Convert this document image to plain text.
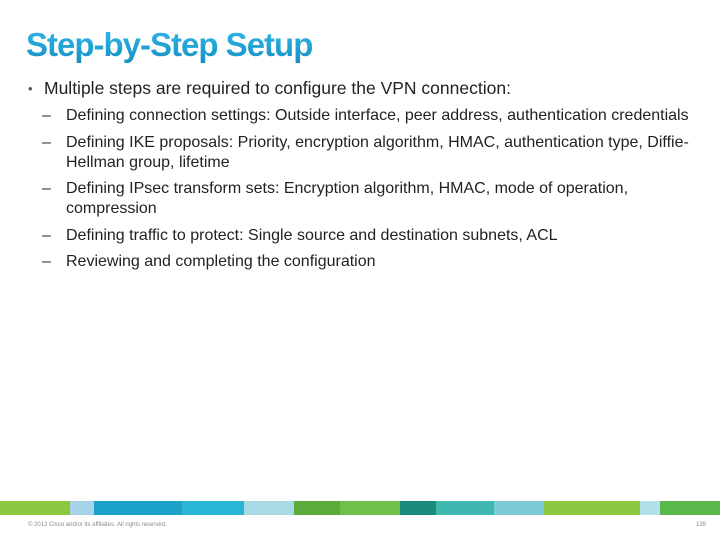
Step-by-Step Setup
• Multiple steps are required to configure the VPN connection:
– Defining connection settings: Outside interface, peer address, authentication credentials
– Defining IKE proposals: Priority, encryption algorithm, HMAC, authentication type, Diffie-Hellman group, lifetime
– Defining IPsec transform sets: Encryption algorithm, HMAC, mode of operation, compression
– Defining traffic to protect: Single source and destination subnets, ACL
– Reviewing and completing the configuration
© 2012 Cisco and/or its affiliates. All rights reserved.	139
